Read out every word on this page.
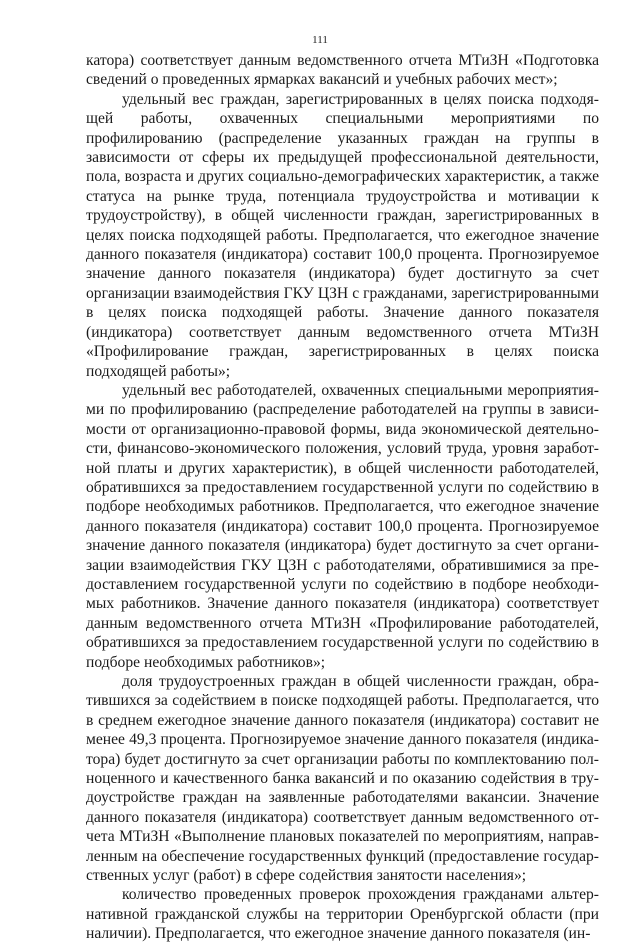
111

катора) соответствует данным ведомственного отчета МТиЗН «Подготовка сведений о проведенных ярмарках вакансий и учебных рабочих мест»;

удельный вес граждан, зарегистрированных в целях поиска подходящей работы, охваченных специальными мероприятиями по профилированию (распределение указанных граждан на группы в зависимости от сферы их предыдущей профессиональной деятельности, пола, возраста и других социально-демографических характеристик, а также статуса на рынке труда, потенциала трудоустройства и мотивации к трудоустройству), в общей численности граждан, зарегистрированных в целях поиска подходящей работы. Предполагается, что ежегодное значение данного показателя (индикатора) составит 100,0 процента. Прогнозируемое значение данного показателя (индикатора) будет достигнуто за счет организации взаимодействия ГКУ ЦЗН с гражданами, зарегистрированными в целях поиска подходящей работы. Значение данного показателя (индикатора) соответствует данным ведомственного отчета МТиЗН «Профилирование граждан, зарегистрированных в целях поиска подходящей работы»;

удельный вес работодателей, охваченных специальными мероприятиями по профилированию (распределение работодателей на группы в зависимости от организационно-правовой формы, вида экономической деятельности, финансово-экономического положения, условий труда, уровня заработной платы и других характеристик), в общей численности работодателей, обратившихся за предоставлением государственной услуги по содействию в подборе необходимых работников. Предполагается, что ежегодное значение данного показателя (индикатора) составит 100,0 процента. Прогнозируемое значение данного показателя (индикатора) будет достигнуто за счет организации взаимодействия ГКУ ЦЗН с работодателями, обратившимися за предоставлением государственной услуги по содействию в подборе необходимых работников. Значение данного показателя (индикатора) соответствует данным ведомственного отчета МТиЗН «Профилирование работодателей, обратившихся за предоставлением государственной услуги по содействию в подборе необходимых работников»;

доля трудоустроенных граждан в общей численности граждан, обратившихся за содействием в поиске подходящей работы. Предполагается, что в среднем ежегодное значение данного показателя (индикатора) составит не менее 49,3 процента. Прогнозируемое значение данного показателя (индикатора) будет достигнуто за счет организации работы по комплектованию полноценного и качественного банка вакансий и по оказанию содействия в трудоустройстве граждан на заявленные работодателями вакансии. Значение данного показателя (индикатора) соответствует данным ведомственного отчета МТиЗН «Выполнение плановых показателей по мероприятиям, направленным на обеспечение государственных функций (предоставление государственных услуг (работ) в сфере содействия занятости населения»;

количество проведенных проверок прохождения гражданами альтернативной гражданской службы на территории Оренбургской области (при наличии). Предполагается, что ежегодное значение данного показателя (ин-
